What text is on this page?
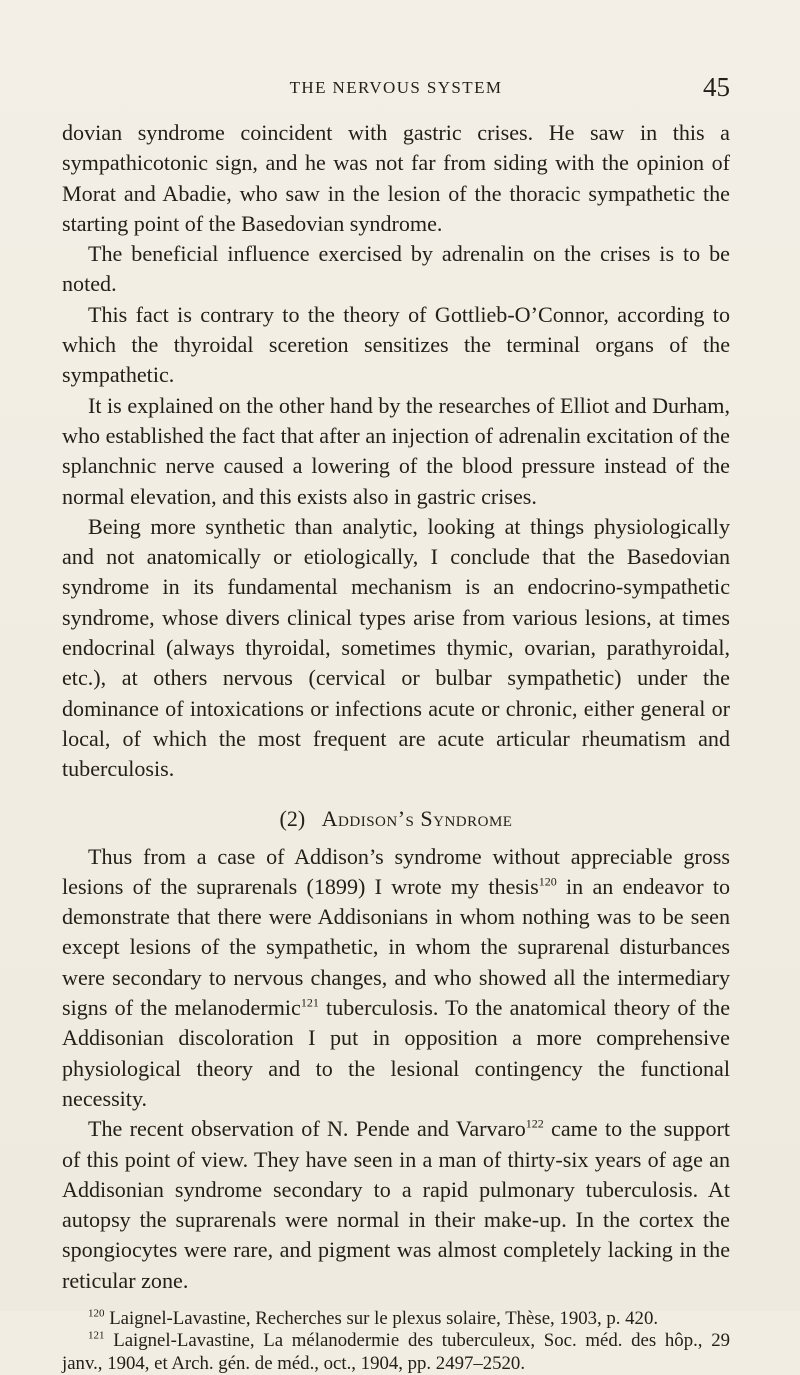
THE NERVOUS SYSTEM	45

dovian syndrome coincident with gastric crises. He saw in this a sympathicotonic sign, and he was not far from siding with the opinion of Morat and Abadie, who saw in the lesion of the thoracic sympathetic the starting point of the Basedovian syndrome.

The beneficial influence exercised by adrenalin on the crises is to be noted.

This fact is contrary to the theory of Gottlieb-O’Connor, according to which the thyroidal sceretion sensitizes the terminal organs of the sympathetic.

It is explained on the other hand by the researches of Elliot and Durham, who established the fact that after an injection of adrenalin excitation of the splanchnic nerve caused a lowering of the blood pressure instead of the normal elevation, and this exists also in gastric crises.

Being more synthetic than analytic, looking at things physiologically and not anatomically or etiologically, I conclude that the Basedovian syndrome in its fundamental mechanism is an endocrino-sympathetic syndrome, whose divers clinical types arise from various lesions, at times endocrinal (always thyroidal, sometimes thymic, ovarian, parathyroidal, etc.), at others nervous (cervical or bulbar sympathetic) under the dominance of intoxications or infections acute or chronic, either general or local, of which the most frequent are acute articular rheumatism and tuberculosis.

(2) Addison’s Syndrome

Thus from a case of Addison’s syndrome without appreciable gross lesions of the suprarenals (1899) I wrote my thesis$^{120}$ in an endeavor to demonstrate that there were Addisonians in whom nothing was to be seen except lesions of the sympathetic, in whom the suprarenal disturbances were secondary to nervous changes, and who showed all the intermediary signs of the melanodermic$^{121}$ tuberculosis. To the anatomical theory of the Addisonian discoloration I put in opposition a more comprehensive physiological theory and to the lesional contingency the functional necessity.

The recent observation of N. Pende and Varvaro$^{122}$ came to the support of this point of view. They have seen in a man of thirty-six years of age an Addisonian syndrome secondary to a rapid pulmonary tuberculosis. At autopsy the suprarenals were normal in their make-up. In the cortex the spongiocytes were rare, and pigment was almost completely lacking in the reticular zone.

$^{120}$ Laignel-Lavastine, Recherches sur le plexus solaire, Thèse, 1903, p. 420.

$^{121}$ Laignel-Lavastine, La mélanodermie des tuberculeux, Soc. méd. des hôp., 29 janv., 1904, et Arch. gén. de méd., oct., 1904, pp. 2497–2520.
